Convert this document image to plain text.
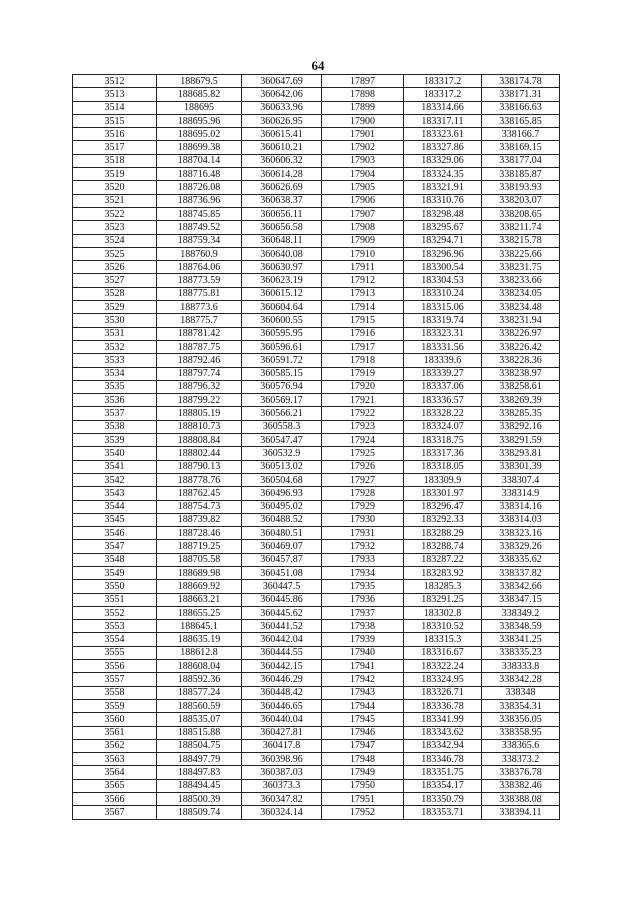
64
3512	188679.5	360647.69	17897	183317.2	338174.78
3513	188685.82	360642.06	17898	183317.2	338171.31
3514	188695	360633.96	17899	183314.66	338166.63
3515	188695.96	360626.95	17900	183317.11	338165.85
3516	188695.02	360615.41	17901	183323.61	338166.7
3517	188699.38	360610.21	17902	183327.86	338169.15
3518	188704.14	360606.32	17903	183329.06	338177.04
3519	188716.48	360614.28	17904	183324.35	338185.87
3520	188726.08	360626.69	17905	183321.91	338193.93
3521	188736.96	360638.37	17906	183310.76	338203.07
3522	188745.85	360656.11	17907	183298.48	338208.65
3523	188749.52	360656.58	17908	183295.67	338211.74
3524	188759.34	360648.11	17909	183294.71	338215.78
3525	188760.9	360640.08	17910	183296.96	338225.66
3526	188764.06	360630.97	17911	183300.54	338231.75
3527	188773.59	360623.19	17912	183304.53	338233.66
3528	188775.81	360615.12	17913	183310.24	338234.05
3529	188773.6	360604.64	17914	183315.06	338234.48
3530	188775.7	360600.55	17915	183319.74	338231.94
3531	188781.42	360595.95	17916	183323.31	338226.97
3532	188787.75	360596.61	17917	183331.56	338226.42
3533	188792.46	360591.72	17918	183339.6	338228.36
3534	188797.74	360585.15	17919	183339.27	338238.97
3535	188796.32	360576.94	17920	183337.06	338258.61
3536	188799.22	360569.17	17921	183336.57	338269.39
3537	188805.19	360566.21	17922	183328.22	338285.35
3538	188810.73	360558.3	17923	183324.07	338292.16
3539	188808.84	360547.47	17924	183318.75	338291.59
3540	188802.44	360532.9	17925	183317.36	338293.81
3541	188790.13	360513.02	17926	183318.05	338301.39
3542	188778.76	360504.68	17927	183309.9	338307.4
3543	188762.45	360496.93	17928	183301.97	338314.9
3544	188754.73	360495.02	17929	183296.47	338314.16
3545	188739.82	360488.52	17930	183292.33	338314.03
3546	188728.46	360480.51	17931	183288.29	338323.16
3547	188719.25	360469.07	17932	183288.74	338329.26
3548	188705.58	360457.87	17933	183287.22	338335.62
3549	188689.98	360451.08	17934	183283.92	338337.82
3550	188669.92	360447.5	17935	183285.3	338342.66
3551	188663.21	360445.86	17936	183291.25	338347.15
3552	188655.25	360445.62	17937	183302.8	338349.2
3553	188645.1	360441.52	17938	183310.52	338348.59
3554	188635.19	360442.04	17939	183315.3	338341.25
3555	188612.8	360444.55	17940	183316.67	338335.23
3556	188608.04	360442.15	17941	183322.24	338333.8
3557	188592.36	360446.29	17942	183324.95	338342.28
3558	188577.24	360448.42	17943	183326.71	338348
3559	188560.59	360446.65	17944	183336.78	338354.31
3560	188535.07	360440.04	17945	183341.99	338356.05
3561	188515.88	360427.81	17946	183343.62	338358.95
3562	188504.75	360417.8	17947	183342.94	338365.6
3563	188497.79	360398.96	17948	183346.78	338373.2
3564	188497.83	360387.03	17949	183351.75	338376.78
3565	188494.45	360373.3	17950	183354.17	338382.46
3566	188500.39	360347.82	17951	183350.79	338388.08
3567	188509.74	360324.14	17952	183353.71	338394.11
